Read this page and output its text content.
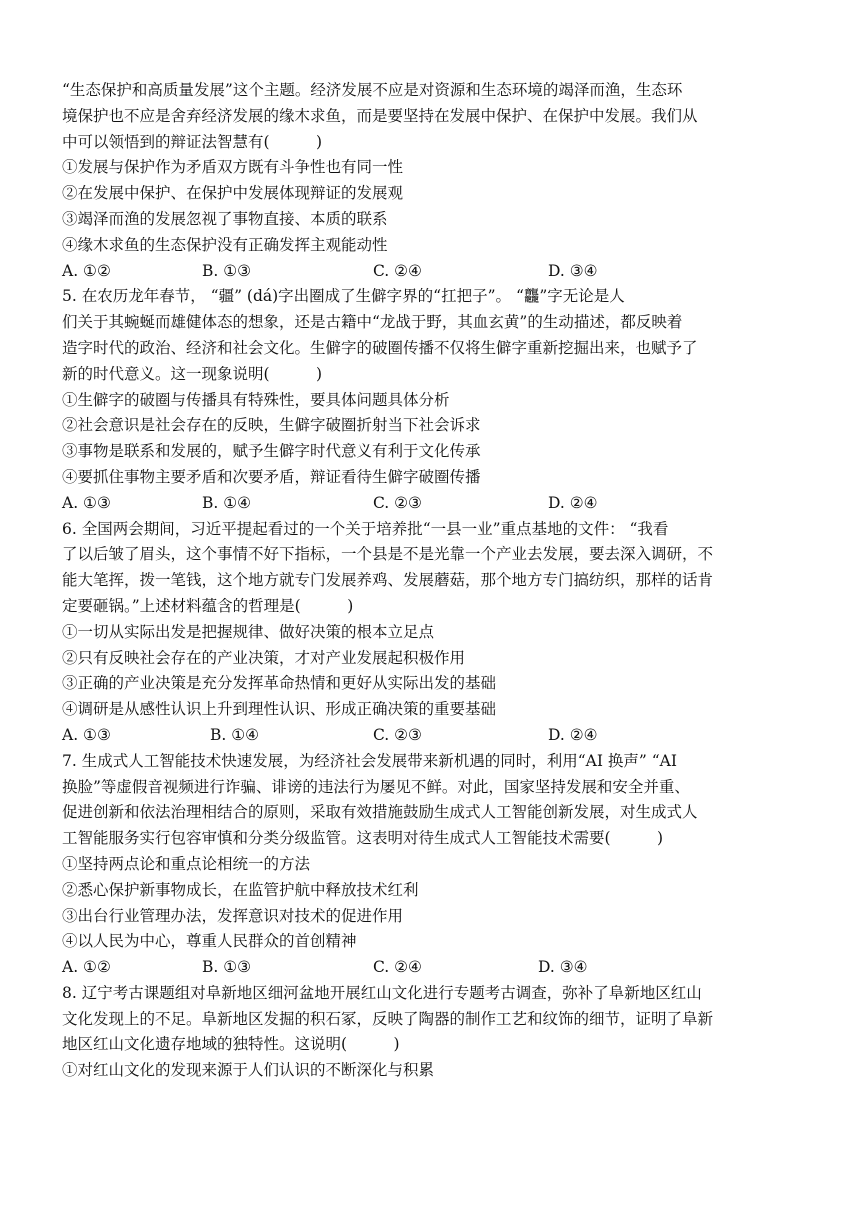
“生态保护和高质量发展”这个主题。经济发展不应是对资源和生态环境的竭泽而渔，生态环
境保护也不应是舍弃经济发展的缘木求鱼，而是要坚持在发展中保护、在保护中发展。我们从
中可以领悟到的辩证法智慧有(　　　)
①发展与保护作为矛盾双方既有斗争性也有同一性
②在发展中保护、在保护中发展体现辩证的发展观
③竭泽而渔的发展忽视了事物直接、本质的联系
④缘木求鱼的生态保护没有正确发挥主观能动性
A. ①②	B. ①③	C. ②④	D. ③④
5. 在农历龙年春节， “疆” (dá)字出圈成了生僻字界的“扛把子”。 “龘”字无论是人
们关于其蜿蜒而雄健体态的想象，还是古籍中“龙战于野，其血玄黄”的生动描述，都反映着
造字时代的政治、经济和社会文化。生僻字的破圈传播不仅将生僻字重新挖掘出来，也赋予了
新的时代意义。这一现象说明(　　　)
①生僻字的破圈与传播具有特殊性，要具体问题具体分析
②社会意识是社会存在的反映，生僻字破圈折射当下社会诉求
③事物是联系和发展的，赋予生僻字时代意义有利于文化传承
④要抓住事物主要矛盾和次要矛盾，辩证看待生僻字破圈传播
A. ①③	B. ①④	C. ②③	D. ②④
6. 全国两会期间，习近平提起看过的一个关于培养批“一县一业”重点基地的文件： “我看
了以后皱了眉头，这个事情不好下指标，一个县是不是光靠一个产业去发展，要去深入调研，不
能大笔挥，拨一笔钱，这个地方就专门发展养鸡、发展蘑菇，那个地方专门搞纺织，那样的话肯
定要砸锅。”上述材料蕴含的哲理是(　　　)
①一切从实际出发是把握规律、做好决策的根本立足点
②只有反映社会存在的产业决策，才对产业发展起积极作用
③正确的产业决策是充分发挥革命热情和更好从实际出发的基础
④调研是从感性认识上升到理性认识、形成正确决策的重要基础
A. ①③	B. ①④	C. ②③	D. ②④
7. 生成式人工智能技术快速发展，为经济社会发展带来新机遇的同时，利用“AI 换声” “AI
换脸”等虚假音视频进行诈骗、诽谤的违法行为屡见不鲜。对此，国家坚持发展和安全并重、
促进创新和依法治理相结合的原则，采取有效措施鼓励生成式人工智能创新发展，对生成式人
工智能服务实行包容审慎和分类分级监管。这表明对待生成式人工智能技术需要(　　　)
①坚持两点论和重点论相统一的方法
②悉心保护新事物成长，在监管护航中释放技术红利
③出台行业管理办法，发挥意识对技术的促进作用
④以人民为中心，尊重人民群众的首创精神
A. ①②	B. ①③	C. ②④	D. ③④
8. 辽宁考古课题组对阜新地区细河盆地开展红山文化进行专题考古调查，弥补了阜新地区红山
文化发现上的不足。阜新地区发掘的积石冢，反映了陶器的制作工艺和纹饰的细节，证明了阜新
地区红山文化遗存地域的独特性。这说明(　　　)
①对红山文化的发现来源于人们认识的不断深化与积累
